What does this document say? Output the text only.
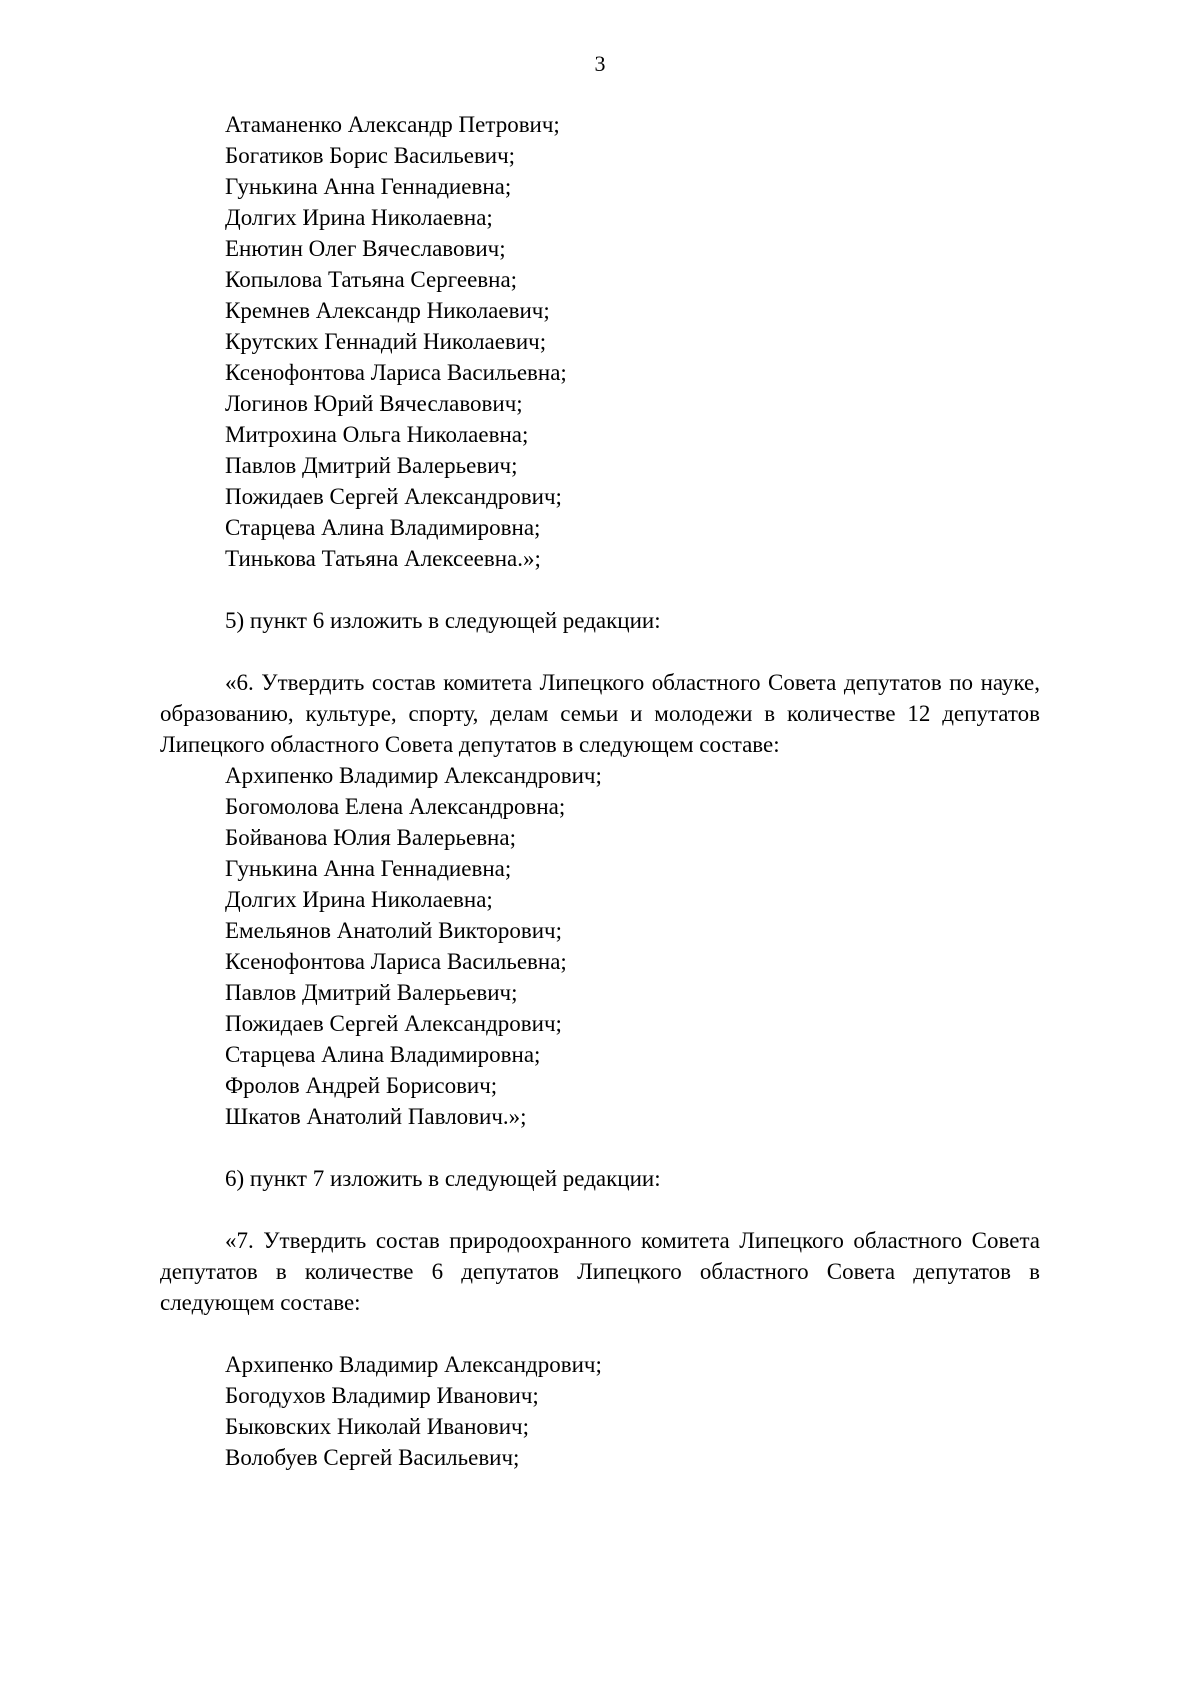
3

Атаманенко Александр Петрович;

Богатиков Борис Васильевич;

Гунькина Анна Геннадиевна;

Долгих Ирина Николаевна;

Енютин Олег Вячеславович;

Копылова Татьяна Сергеевна;

Кремнев Александр Николаевич;

Крутских Геннадий Николаевич;

Ксенофонтова Лариса Васильевна;

Логинов Юрий Вячеславович;

Митрохина Ольга Николаевна;

Павлов Дмитрий Валерьевич;

Пожидаев Сергей Александрович;

Старцева Алина Владимировна;

Тинькова Татьяна Алексеевна.»;

5) пункт 6 изложить в следующей редакции:

«6. Утвердить состав комитета Липецкого областного Совета депутатов по науке, образованию, культуре, спорту, делам семьи и молодежи в количестве 12 депутатов Липецкого областного Совета депутатов в следующем составе:

Архипенко Владимир Александрович;

Богомолова Елена Александровна;

Бойванова Юлия Валерьевна;

Гунькина Анна Геннадиевна;

Долгих Ирина Николаевна;

Емельянов Анатолий Викторович;

Ксенофонтова Лариса Васильевна;

Павлов Дмитрий Валерьевич;

Пожидаев Сергей Александрович;

Старцева Алина Владимировна;

Фролов Андрей Борисович;

Шкатов Анатолий Павлович.»;

6) пункт 7 изложить в следующей редакции:

«7. Утвердить состав природоохранного комитета Липецкого областного Совета депутатов в количестве 6 депутатов Липецкого областного Совета депутатов в следующем составе:

Архипенко Владимир Александрович;

Богодухов Владимир Иванович;

Быковских Николай Иванович;

Волобуев Сергей Васильевич;
